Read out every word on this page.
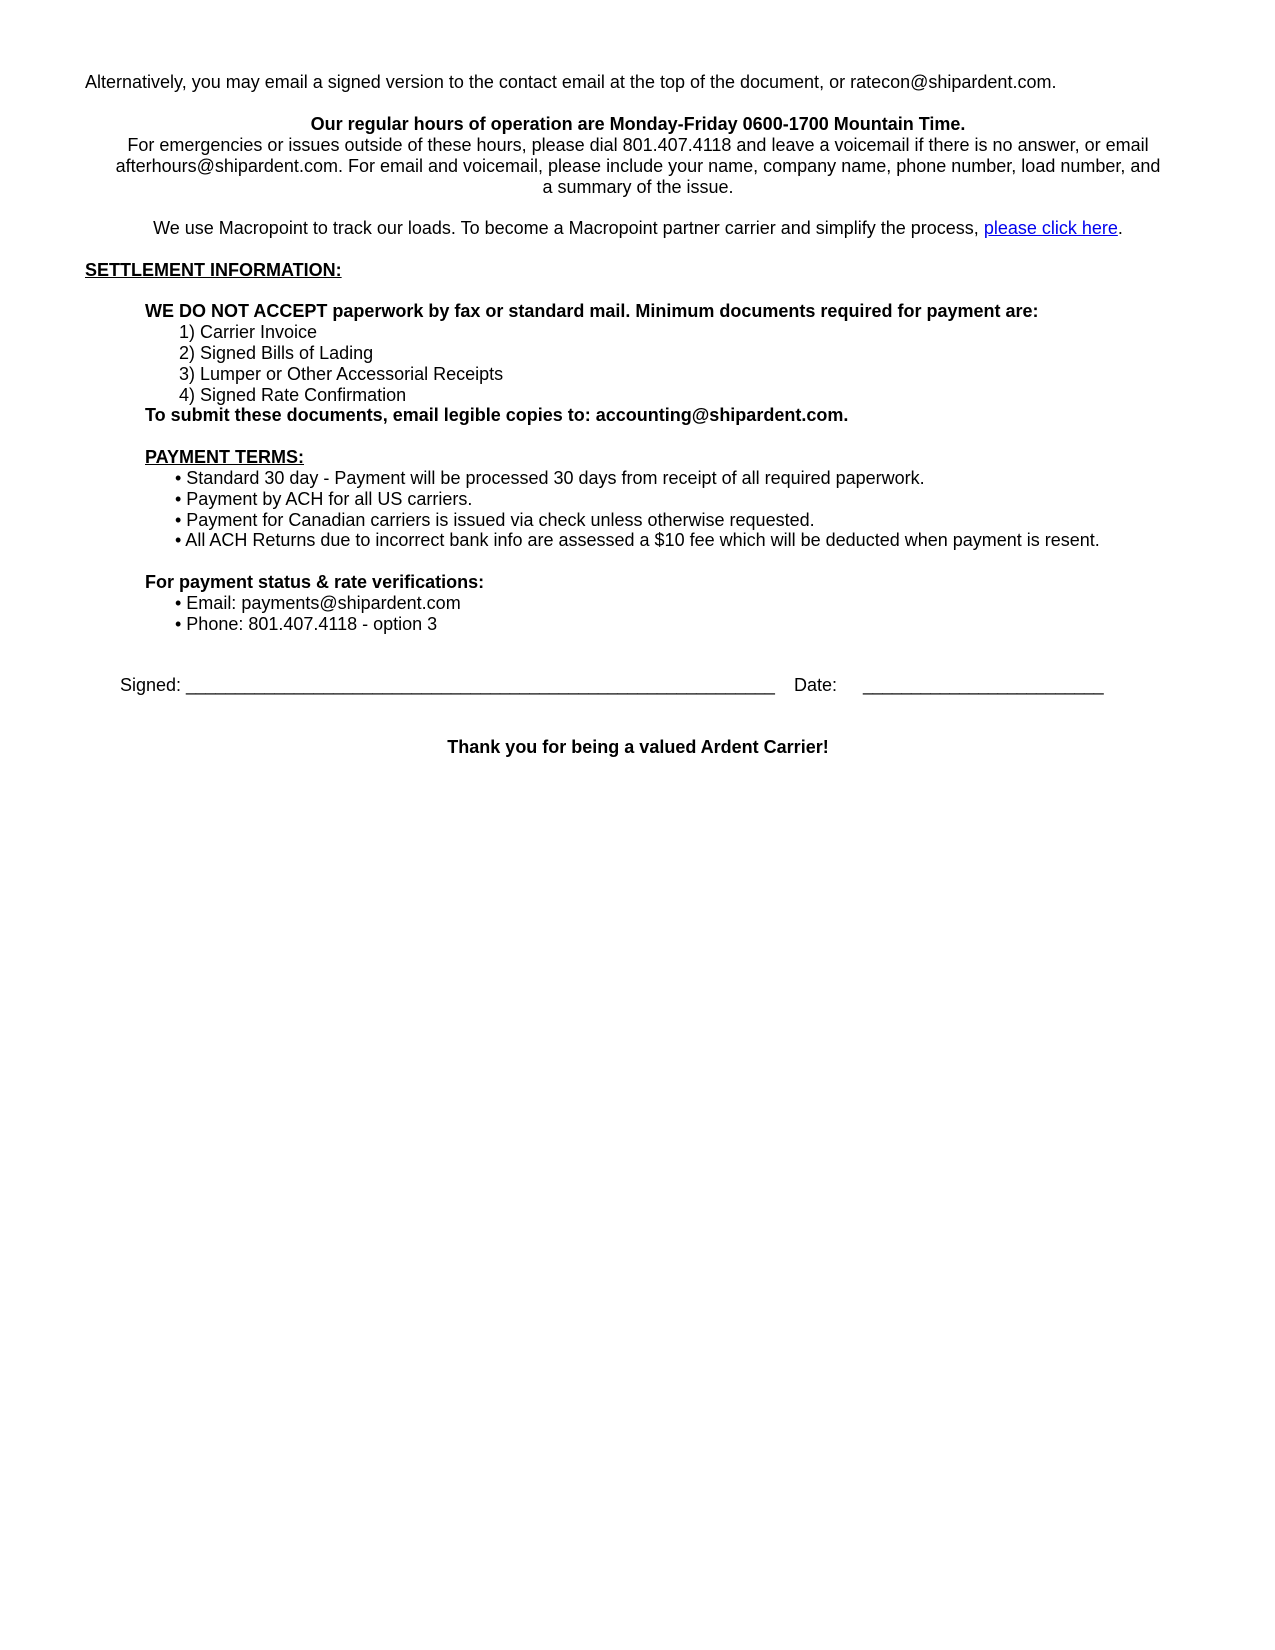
Alternatively, you may email a signed version to the contact email at the top of the document, or ratecon@shipardent.com.
Our regular hours of operation are Monday-Friday 0600-1700 Mountain Time.
For emergencies or issues outside of these hours, please dial 801.407.4118 and leave a voicemail if there is no answer, or email
afterhours@shipardent.com. For email and voicemail, please include your name, company name, phone number, load number, and
a summary of the issue.
We use Macropoint to track our loads. To become a Macropoint partner carrier and simplify the process, please click here.
SETTLEMENT INFORMATION:
WE DO NOT ACCEPT paperwork by fax or standard mail. Minimum documents required for payment are:
1) Carrier Invoice
2) Signed Bills of Lading
3) Lumper or Other Accessorial Receipts
4) Signed Rate Confirmation
To submit these documents, email legible copies to: accounting@shipardent.com.
PAYMENT TERMS:
• Standard 30 day - Payment will be processed 30 days from receipt of all required paperwork.
• Payment by ACH for all US carriers.
• Payment for Canadian carriers is issued via check unless otherwise requested.
• All ACH Returns due to incorrect bank info are assessed a $10 fee which will be deducted when payment is resent.
For payment status & rate verifications:
• Email: payments@shipardent.com
• Phone: 801.407.4118 - option 3
Signed: ____________________________________________________________ Date: _________________________
Thank you for being a valued Ardent Carrier!
